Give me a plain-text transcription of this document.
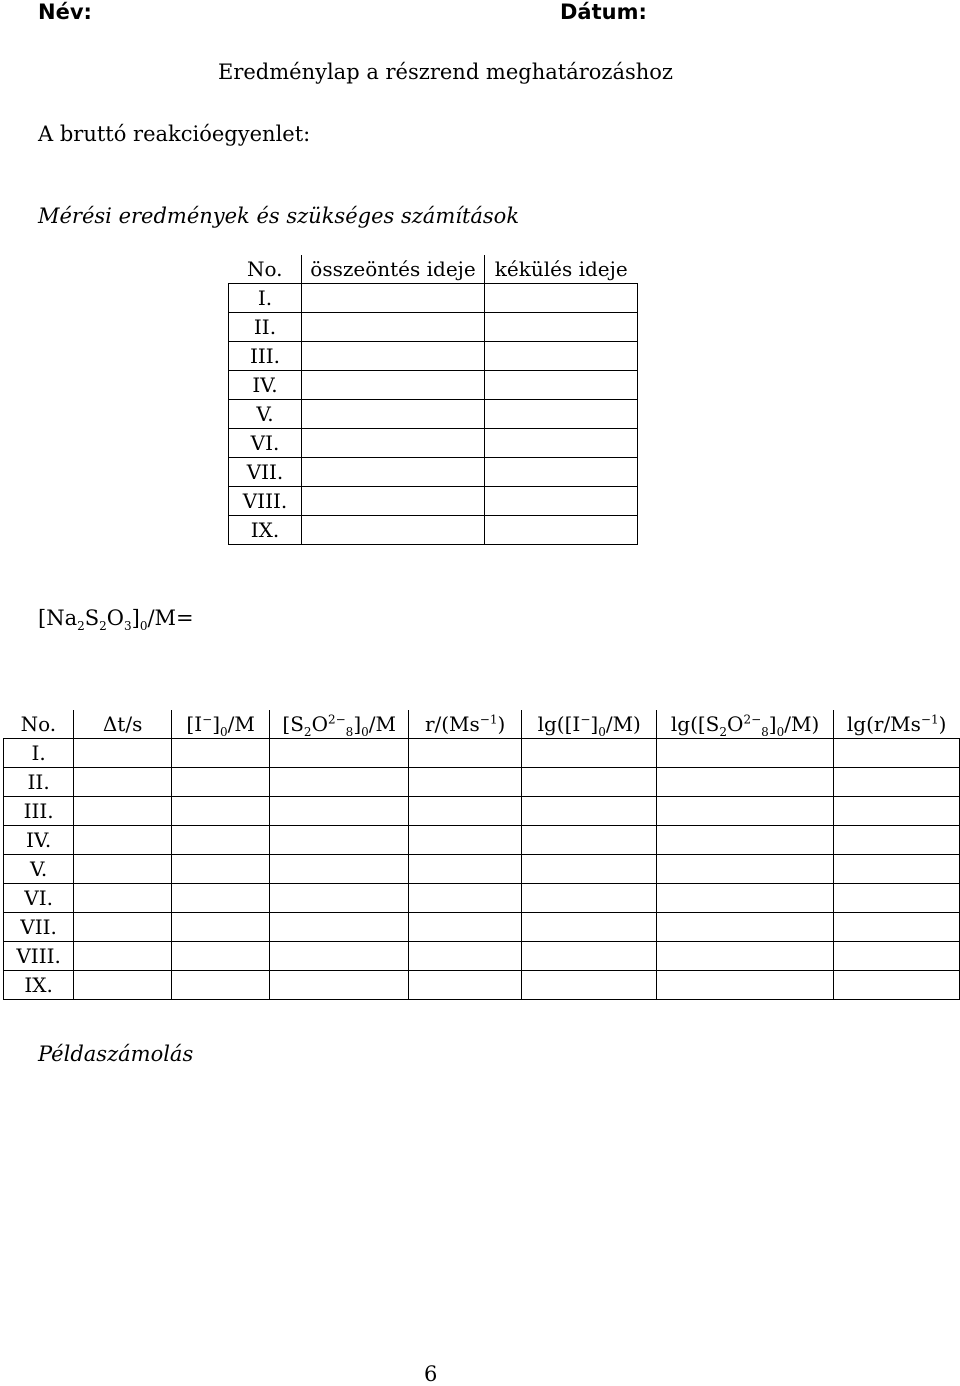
Név:	Dátum:
Eredménylap a részrend meghatározáshoz
A bruttó reakcióegyenlet:
Mérési eredmények és szükséges számítások
No.	összeöntés ideje	kékülés ideje
I.		
II.		
III.		
IV.		
V.		
VI.		
VII.		
VIII.		
IX.		
$[Na_2S_2O_3]_0/M=$
No.	Δt/s	$[I^-]_0/M$	$[S_2O^{2-}_8]_0/M$	$r/(Ms^{-1})$	$\lg([I^-]_0/M)$	$\lg([S_2O^{2-}_8]_0/M)$	$\lg(r/Ms^{-1})$
I.							
II.							
III.							
IV.							
V.							
VI.							
VII.							
VIII.							
IX.							
Példaszámolás
6
